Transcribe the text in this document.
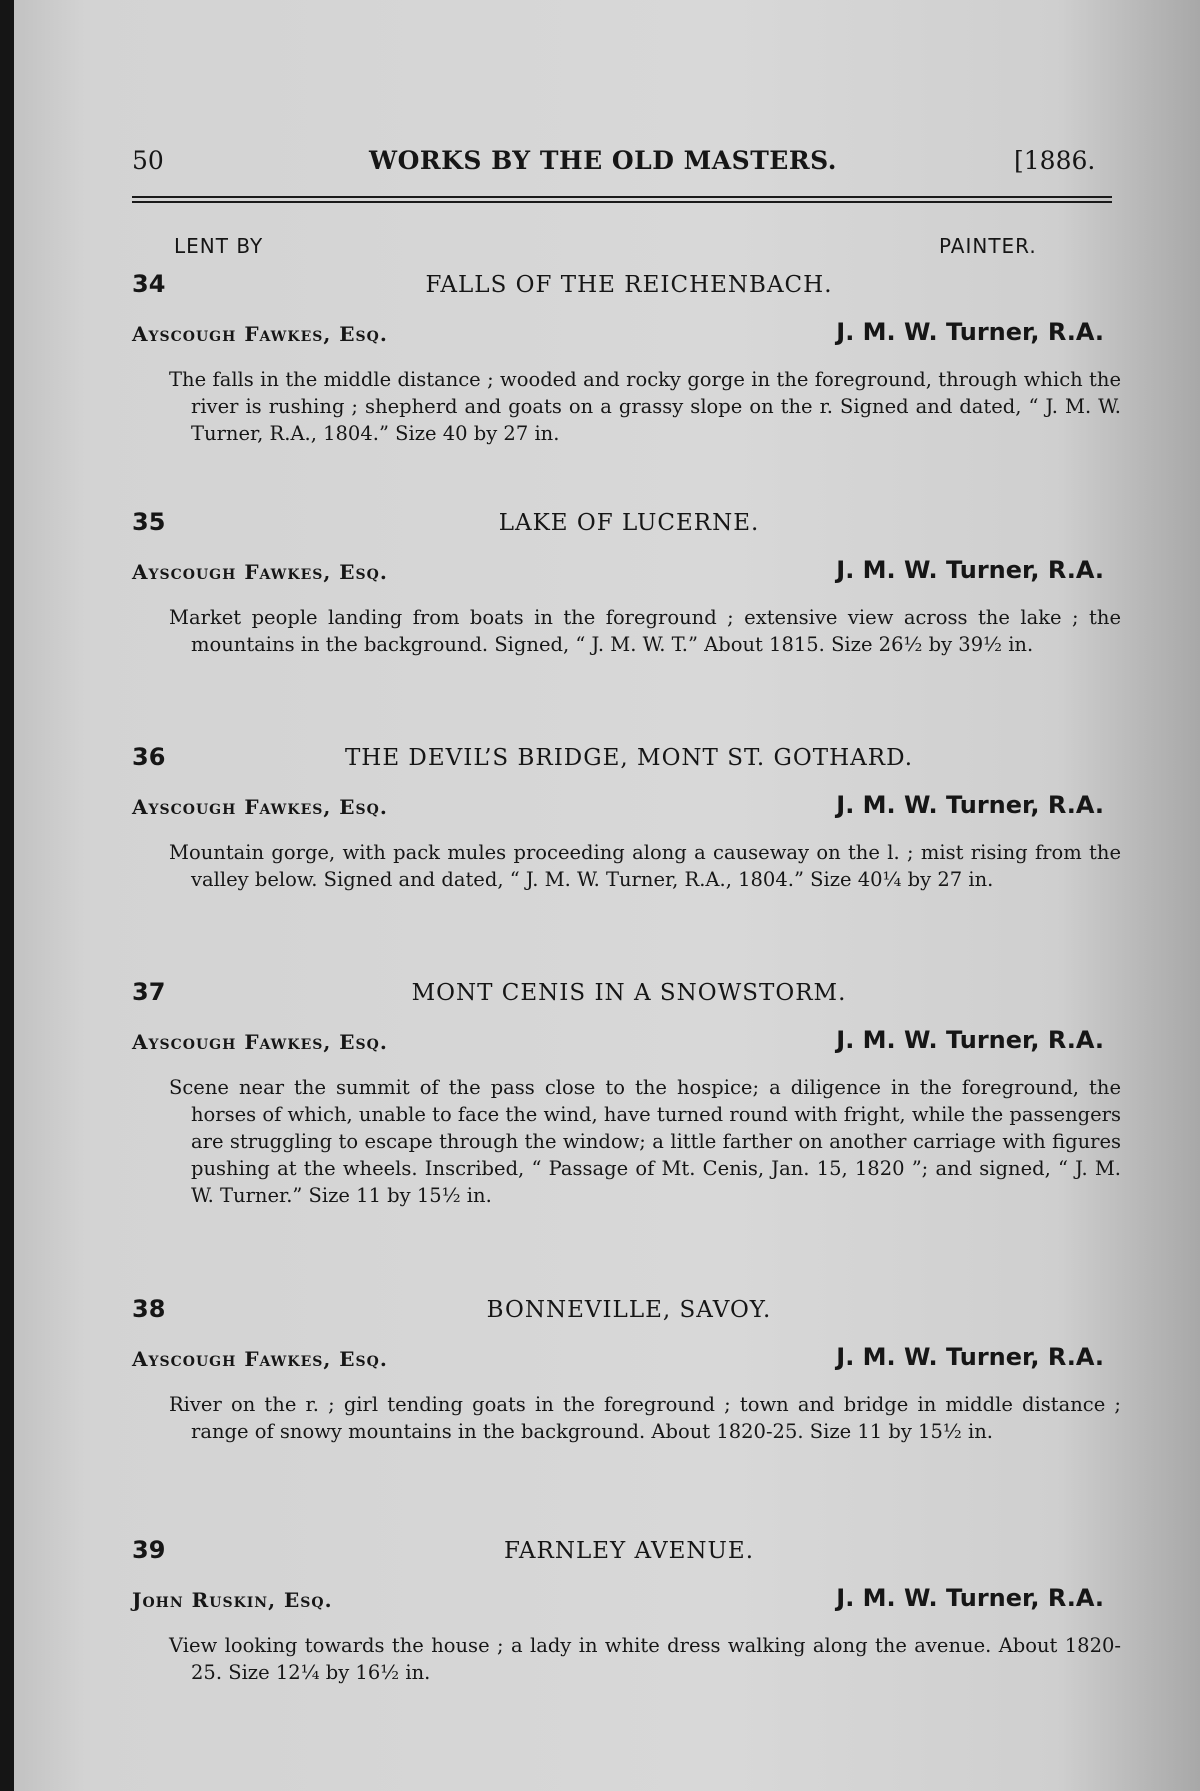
50	WORKS BY THE OLD MASTERS.	[1886.
LENT BY	PAINTER.
34	FALLS OF THE REICHENBACH.
Ayscough Fawkes, Esq.	J. M. W. Turner, R.A.
The falls in the middle distance ; wooded and rocky gorge in the foreground, through which the river is rushing ; shepherd and goats on a grassy slope on the r. Signed and dated, “ J. M. W. Turner, R.A., 1804.” Size 40 by 27 in.
35	LAKE OF LUCERNE.
Ayscough Fawkes, Esq.	J. M. W. Turner, R.A.
Market people landing from boats in the foreground ; extensive view across the lake ; the mountains in the background. Signed, “ J. M. W. T.” About 1815. Size 26½ by 39½ in.
36	THE DEVIL’S BRIDGE, MONT ST. GOTHARD.
Ayscough Fawkes, Esq.	J. M. W. Turner, R.A.
Mountain gorge, with pack mules proceeding along a causeway on the l. ; mist rising from the valley below. Signed and dated, “ J. M. W. Turner, R.A., 1804.” Size 40¼ by 27 in.
37	MONT CENIS IN A SNOWSTORM.
Ayscough Fawkes, Esq.	J. M. W. Turner, R.A.
Scene near the summit of the pass close to the hospice; a diligence in the foreground, the horses of which, unable to face the wind, have turned round with fright, while the passengers are struggling to escape through the window; a little farther on another carriage with figures pushing at the wheels. Inscribed, “ Passage of Mt. Cenis, Jan. 15, 1820 ”; and signed, “ J. M. W. Turner.” Size 11 by 15½ in.
38	BONNEVILLE, SAVOY.
Ayscough Fawkes, Esq.	J. M. W. Turner, R.A.
River on the r. ; girl tending goats in the foreground ; town and bridge in middle distance ; range of snowy mountains in the background. About 1820-25. Size 11 by 15½ in.
39	FARNLEY AVENUE.
John Ruskin, Esq.	J. M. W. Turner, R.A.
View looking towards the house ; a lady in white dress walking along the avenue. About 1820-25. Size 12¼ by 16½ in.
